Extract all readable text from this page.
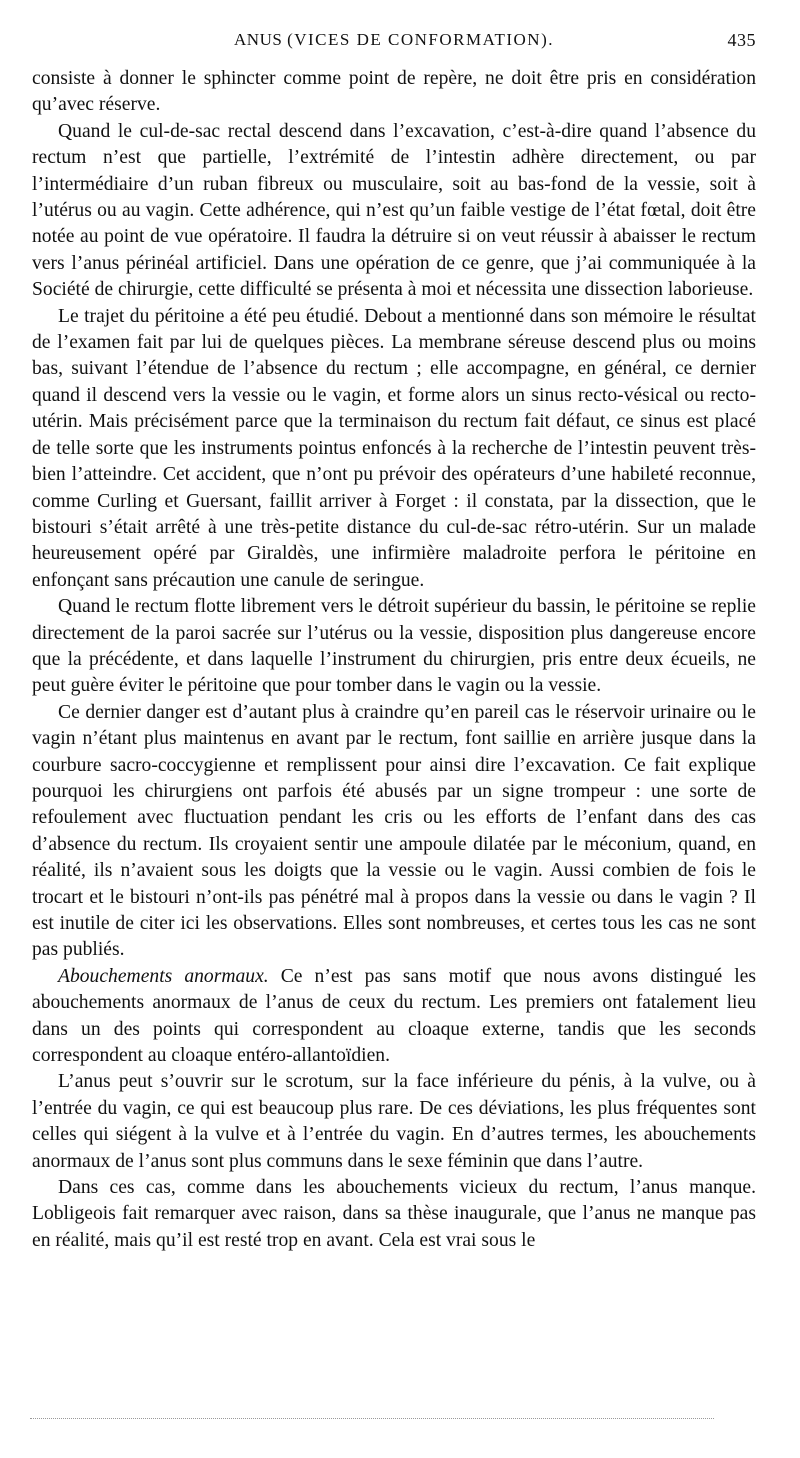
ANUS (VICES DE CONFORMATION).	435

consiste à donner le sphincter comme point de repère, ne doit être pris en considération qu’avec réserve.

Quand le cul-de-sac rectal descend dans l’excavation, c’est-à-dire quand l’absence du rectum n’est que partielle, l’extrémité de l’intestin adhère directement, ou par l’intermédiaire d’un ruban fibreux ou musculaire, soit au bas-fond de la vessie, soit à l’utérus ou au vagin. Cette adhérence, qui n’est qu’un faible vestige de l’état fœtal, doit être notée au point de vue opératoire. Il faudra la détruire si on veut réussir à abaisser le rectum vers l’anus périnéal artificiel. Dans une opération de ce genre, que j’ai communiquée à la Société de chirurgie, cette difficulté se présenta à moi et nécessita une dissection laborieuse.

Le trajet du péritoine a été peu étudié. Debout a mentionné dans son mémoire le résultat de l’examen fait par lui de quelques pièces. La membrane séreuse descend plus ou moins bas, suivant l’étendue de l’absence du rectum ; elle accompagne, en général, ce dernier quand il descend vers la vessie ou le vagin, et forme alors un sinus recto-vésical ou recto-utérin. Mais précisément parce que la terminaison du rectum fait défaut, ce sinus est placé de telle sorte que les instruments pointus enfoncés à la recherche de l’intestin peuvent très-bien l’atteindre. Cet accident, que n’ont pu prévoir des opérateurs d’une habileté reconnue, comme Curling et Guersant, faillit arriver à Forget : il constata, par la dissection, que le bistouri s’était arrêté à une très-petite distance du cul-de-sac rétro-utérin. Sur un malade heureusement opéré par Giraldès, une infirmière maladroite perfora le péritoine en enfonçant sans précaution une canule de seringue.

Quand le rectum flotte librement vers le détroit supérieur du bassin, le péritoine se replie directement de la paroi sacrée sur l’utérus ou la vessie, disposition plus dangereuse encore que la précédente, et dans laquelle l’instrument du chirurgien, pris entre deux écueils, ne peut guère éviter le péritoine que pour tomber dans le vagin ou la vessie.

Ce dernier danger est d’autant plus à craindre qu’en pareil cas le réservoir urinaire ou le vagin n’étant plus maintenus en avant par le rectum, font saillie en arrière jusque dans la courbure sacro-coccygienne et remplissent pour ainsi dire l’excavation. Ce fait explique pourquoi les chirurgiens ont parfois été abusés par un signe trompeur : une sorte de refoulement avec fluctuation pendant les cris ou les efforts de l’enfant dans des cas d’absence du rectum. Ils croyaient sentir une ampoule dilatée par le méconium, quand, en réalité, ils n’avaient sous les doigts que la vessie ou le vagin. Aussi combien de fois le trocart et le bistouri n’ont-ils pas pénétré mal à propos dans la vessie ou dans le vagin ? Il est inutile de citer ici les observations. Elles sont nombreuses, et certes tous les cas ne sont pas publiés.

Abouchements anormaux. Ce n’est pas sans motif que nous avons distingué les abouchements anormaux de l’anus de ceux du rectum. Les premiers ont fatalement lieu dans un des points qui correspondent au cloaque externe, tandis que les seconds correspondent au cloaque entéro-allantoïdien.

L’anus peut s’ouvrir sur le scrotum, sur la face inférieure du pénis, à la vulve, ou à l’entrée du vagin, ce qui est beaucoup plus rare. De ces déviations, les plus fréquentes sont celles qui siégent à la vulve et à l’entrée du vagin. En d’autres termes, les abouchements anormaux de l’anus sont plus communs dans le sexe féminin que dans l’autre.

Dans ces cas, comme dans les abouchements vicieux du rectum, l’anus manque. Lobligeois fait remarquer avec raison, dans sa thèse inaugurale, que l’anus ne manque pas en réalité, mais qu’il est resté trop en avant. Cela est vrai sous le
